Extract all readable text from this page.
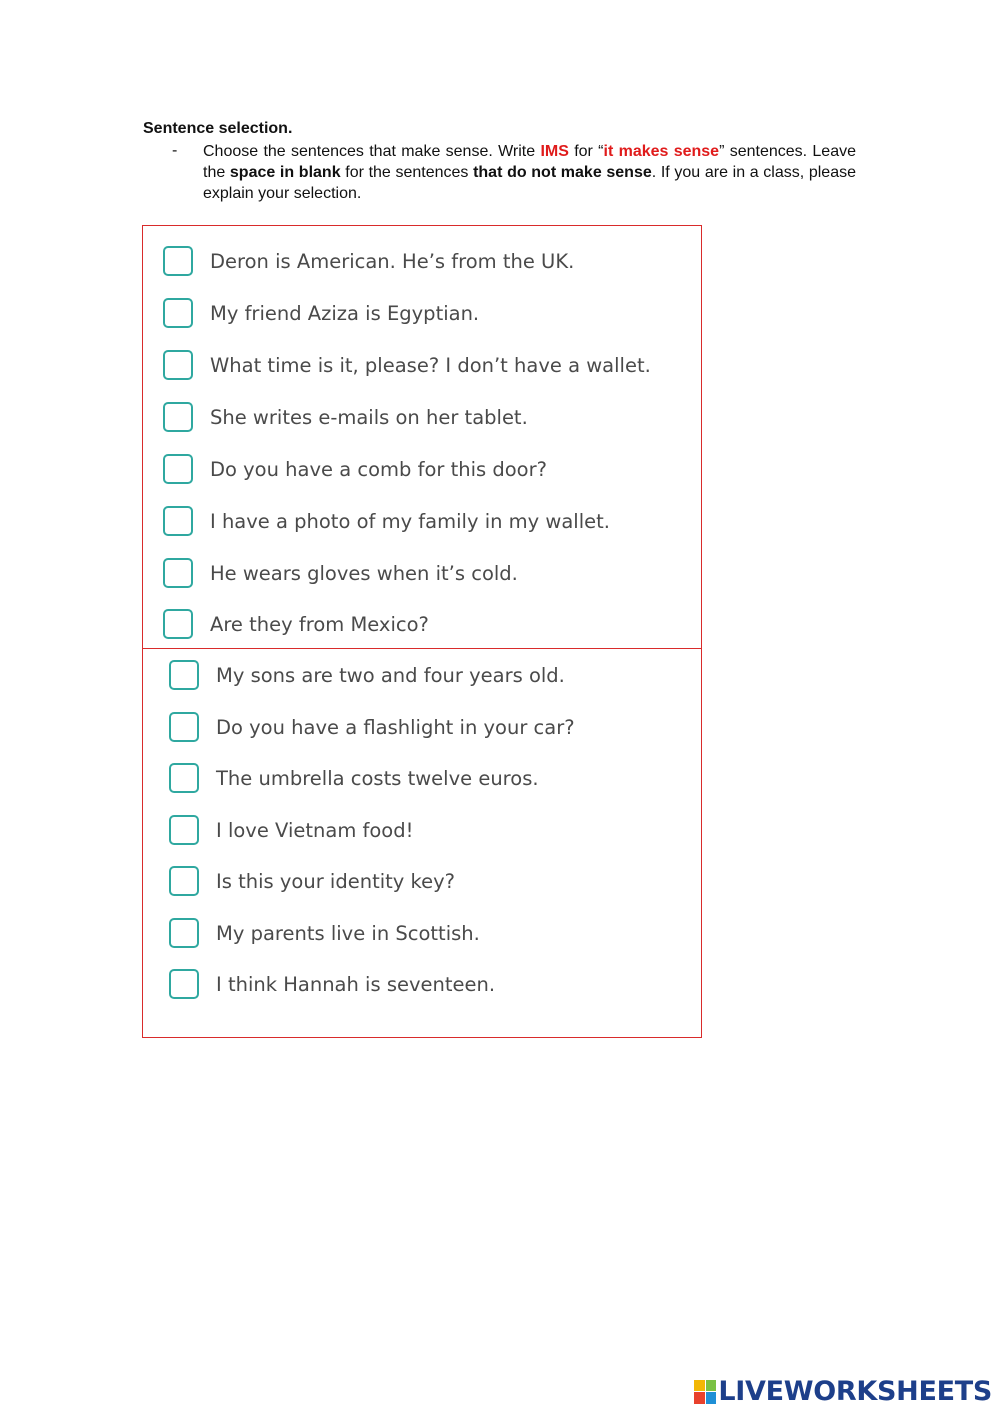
Sentence selection.
- Choose the sentences that make sense. Write IMS for “it makes sense” sentences. Leave the space in blank for the sentences that do not make sense. If you are in a class, please explain your selection.
Deron is American. He’s from the UK.
My friend Aziza is Egyptian.
What time is it, please? I don’t have a wallet.
She writes e-mails on her tablet.
Do you have a comb for this door?
I have a photo of my family in my wallet.
He wears gloves when it’s cold.
Are they from Mexico?
My sons are two and four years old.
Do you have a flashlight in your car?
The umbrella costs twelve euros.
I love Vietnam food!
Is this your identity key?
My parents live in Scottish.
I think Hannah is seventeen.
LIVEWORKSHEETS
